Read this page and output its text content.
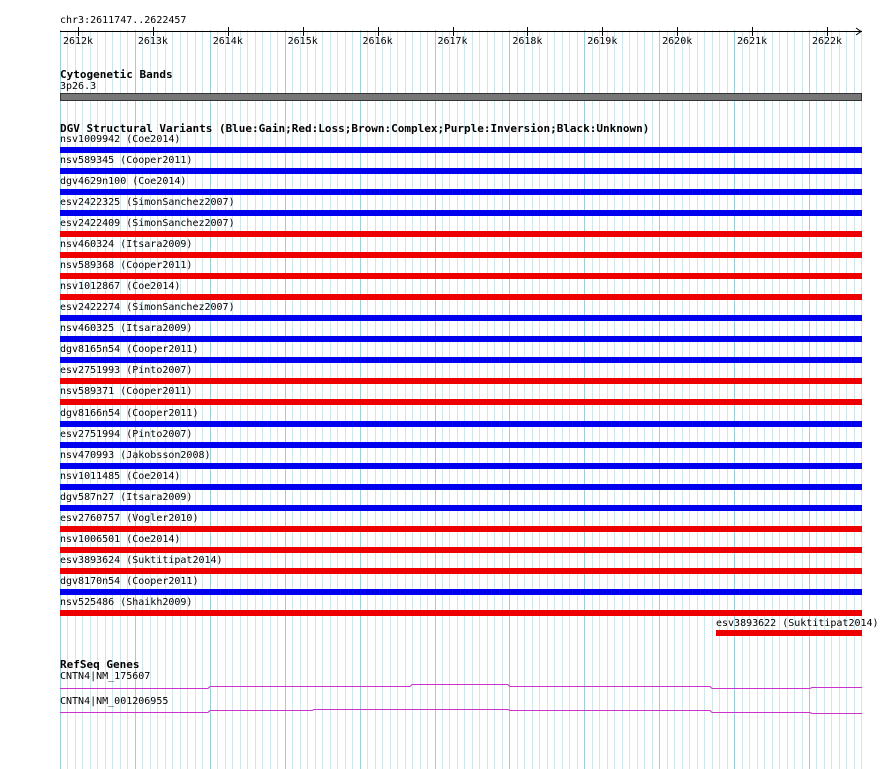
chr3:2611747..2622457
2612k	2613k	2614k	2615k	2616k	2617k	2618k	2619k	2620k	2621k	2622k
Cytogenetic Bands
3p26.3
DGV Structural Variants (Blue:Gain;Red:Loss;Brown:Complex;Purple:Inversion;Black:Unknown)
nsv1009942 (Coe2014)
nsv589345 (Cooper2011)
dgv4629n100 (Coe2014)
esv2422325 (SimonSanchez2007)
esv2422409 (SimonSanchez2007)
nsv460324 (Itsara2009)
nsv589368 (Cooper2011)
nsv1012867 (Coe2014)
esv2422274 (SimonSanchez2007)
nsv460325 (Itsara2009)
dgv8165n54 (Cooper2011)
esv2751993 (Pinto2007)
nsv589371 (Cooper2011)
dgv8166n54 (Cooper2011)
esv2751994 (Pinto2007)
nsv470993 (Jakobsson2008)
nsv1011485 (Coe2014)
dgv587n27 (Itsara2009)
esv2760757 (Vogler2010)
nsv1006501 (Coe2014)
esv3893624 (Suktitipat2014)
dgv8170n54 (Cooper2011)
nsv525486 (Shaikh2009)
esv3893622 (Suktitipat2014)
RefSeq Genes
CNTN4|NM_175607
CNTN4|NM_001206955
